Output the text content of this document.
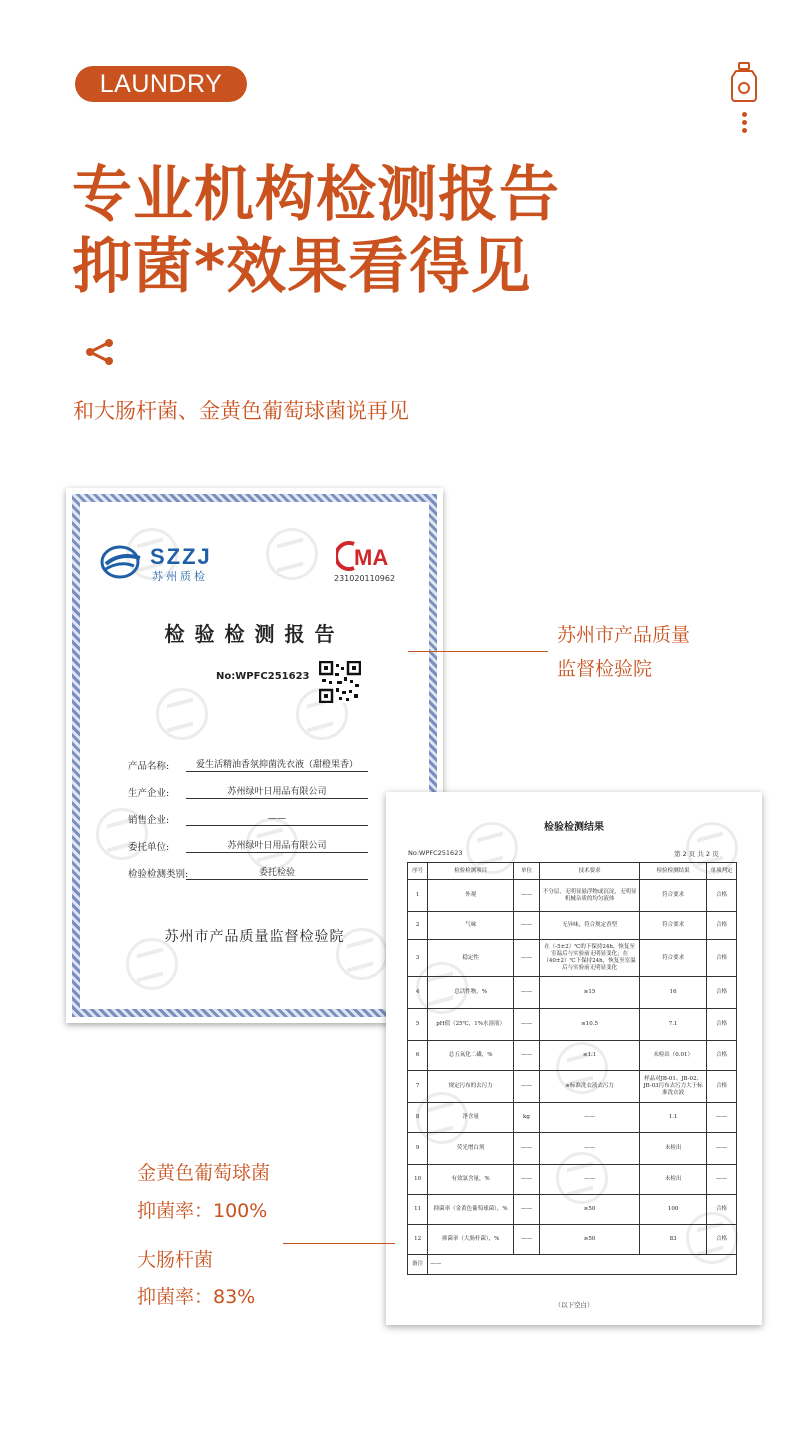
LAUNDRY
专业机构检测报告
抑菌*效果看得见
和大肠杆菌、金黄色葡萄球菌说再见
SZZJ
苏州质检
MA
231020110962
检验检测报告
No:WPFC251623
产品名称:	爱生活精油香氛抑菌洗衣液（甜橙果香）
生产企业:	苏州绿叶日用品有限公司
销售企业:	——
委托单位:	苏州绿叶日用品有限公司
检验检测类别:	委托检验
苏州市产品质量监督检验院
苏州市产品质量
监督检验院
检验检测结果
No:WPFC251623	第 2 页 共 2 页
序号	检验检测项目	单位	技术要求	检验检测结果	单项判定
1	外观	——	不分层，无明显悬浮物或沉淀，无明显机械杂质的均匀液体	符合要求	合格
2	气味	——	无异味，符合规定香型	符合要求	合格
3	稳定性	——	在（-5±2）℃的下保持24h，恢复至室温后与实验前无明显变化；在（40±2）℃下保持24h，恢复至室温后与实验前无明显变化	符合要求	合格
4	总活性物，%	——	≥15	16	合格
5	pH值（25℃，1%水溶液）	——	≤10.5	7.1	合格
6	总五氧化二磷，%	——	≤1.1	未检出（0.01）	合格
7	规定污布的去污力	——	≥标准洗衣液去污力	样品对JB-01、JB-02、JB-03污布去污力大于标准洗衣液	合格
8	净含量	kg	——	1.1	——
9	荧光增白剂	——	——	未检出	——
10	有效氯含量，%	——	——	未检出	——
11	抑菌率（金黄色葡萄球菌），%	——	≥50	100	合格
12	抑菌率（大肠杆菌），%	——	≥50	83	合格
备注	——				
（以下空白）
金黄色葡萄球菌
抑菌率：100%
大肠杆菌
抑菌率：83%
